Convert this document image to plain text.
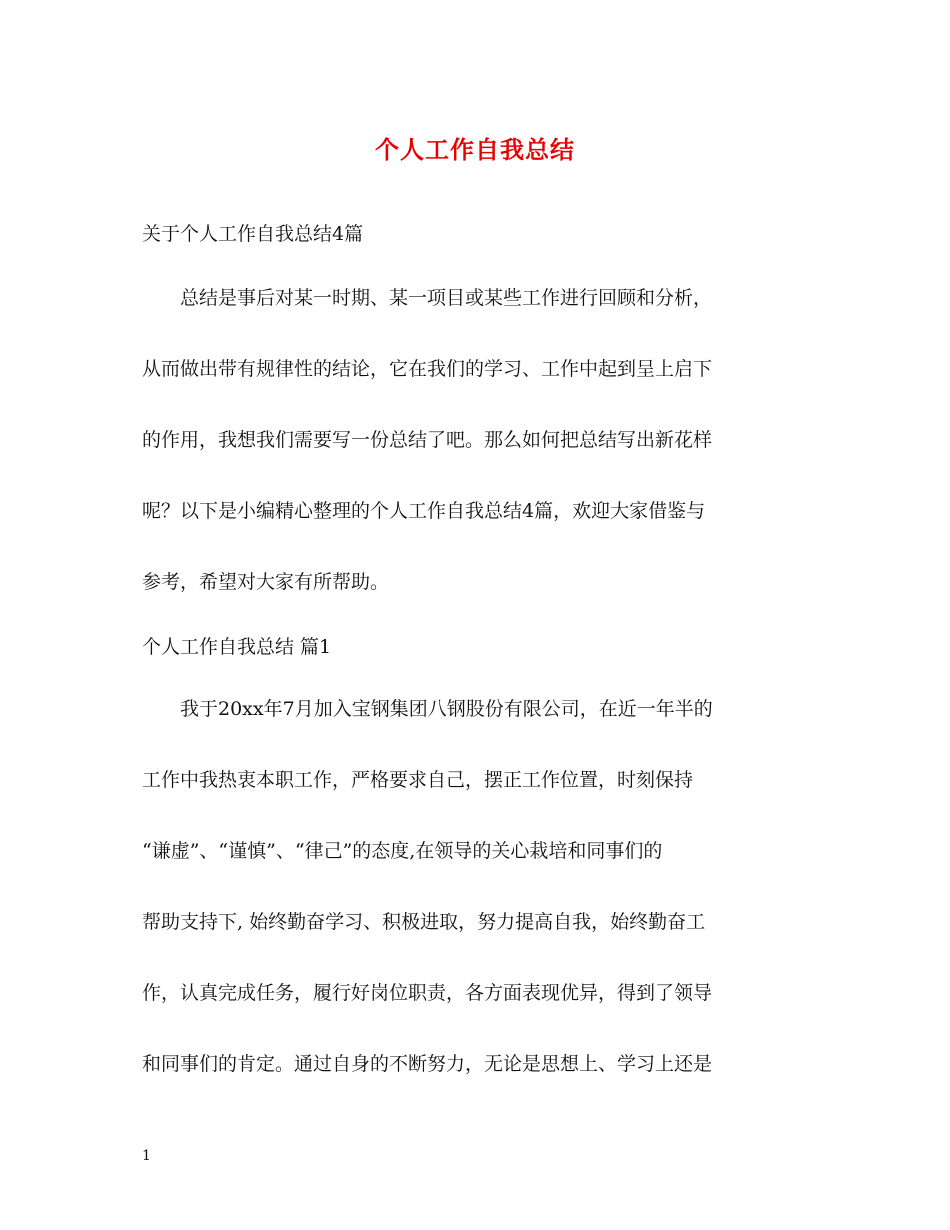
个人工作自我总结
关于个人工作自我总结4篇
总结是事后对某一时期、某一项目或某些工作进行回顾和分析，
从而做出带有规律性的结论，它在我们的学习、工作中起到呈上启下
的作用，我想我们需要写一份总结了吧。那么如何把总结写出新花样
呢？以下是小编精心整理的个人工作自我总结4篇，欢迎大家借鉴与
参考，希望对大家有所帮助。
个人工作自我总结 篇1
我于20xx年7月加入宝钢集团八钢股份有限公司，在近一年半的
工作中我热衷本职工作，严格要求自己，摆正工作位置，时刻保持
“谦虚”、“谨慎”、“律己”的态度,在领导的关心栽培和同事们的
帮助支持下, 始终勤奋学习、积极进取，努力提高自我，始终勤奋工
作，认真完成任务，履行好岗位职责，各方面表现优异，得到了领导
和同事们的肯定。通过自身的不断努力，无论是思想上、学习上还是
1
